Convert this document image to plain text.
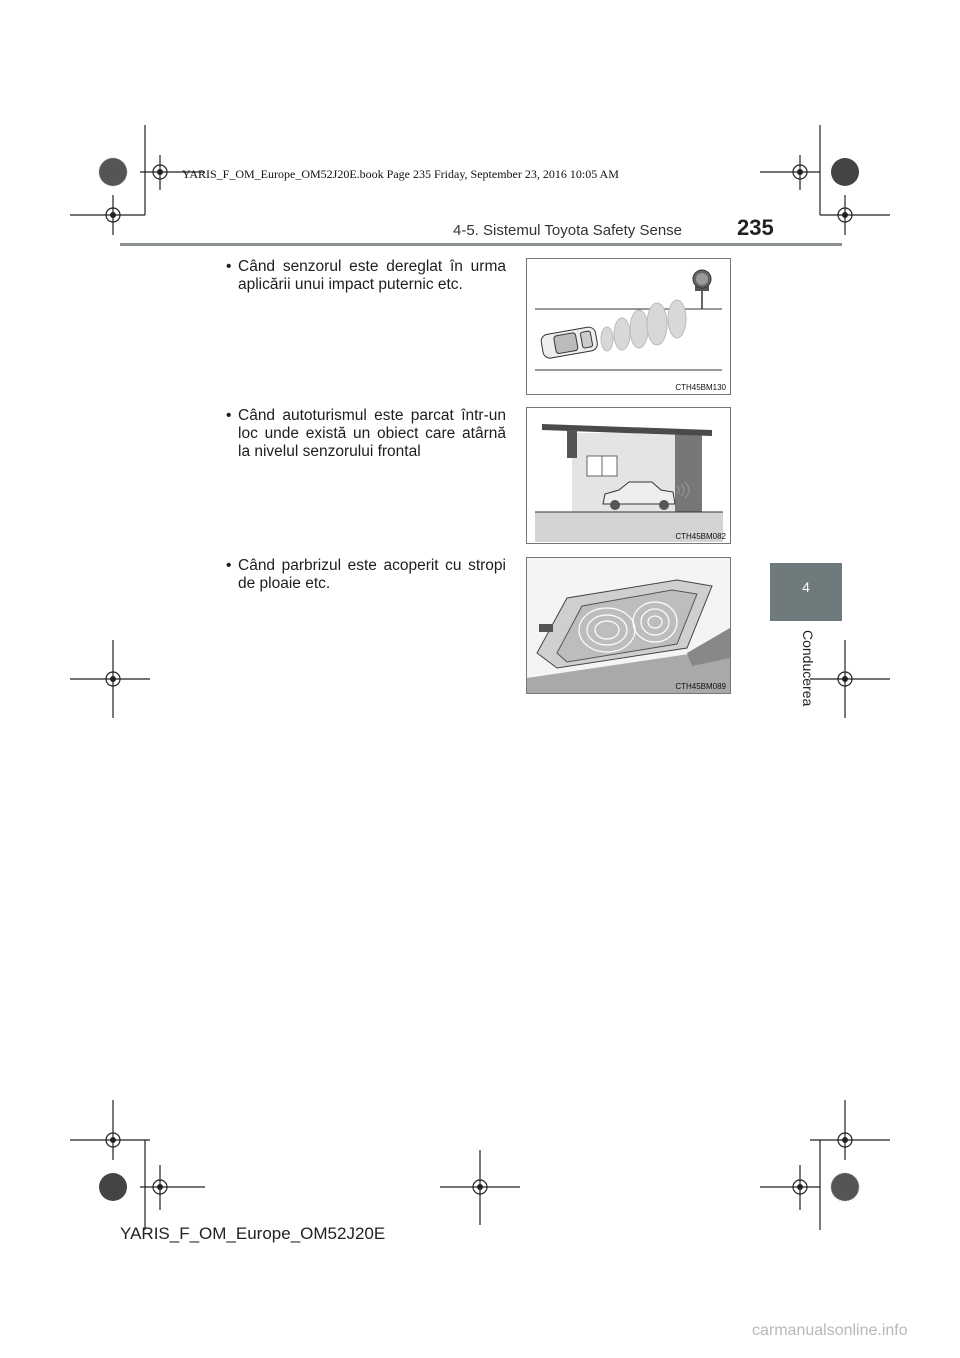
YARIS_F_OM_Europe_OM52J20E.book Page 235 Friday, September 23, 2016 10:05 AM
4-5. Sistemul Toyota Safety Sense	235
4
Conducerea
• Când senzorul este dereglat în urma aplicării unui impact puternic etc.
CTH45BM130
• Când autoturismul este parcat într-un loc unde există un obiect care atârnă la nivelul senzorului frontal
CTH45BM082
• Când parbrizul este acoperit cu stropi de ploaie etc.
CTH45BM089
YARIS_F_OM_Europe_OM52J20E
carmanualsonline.info
